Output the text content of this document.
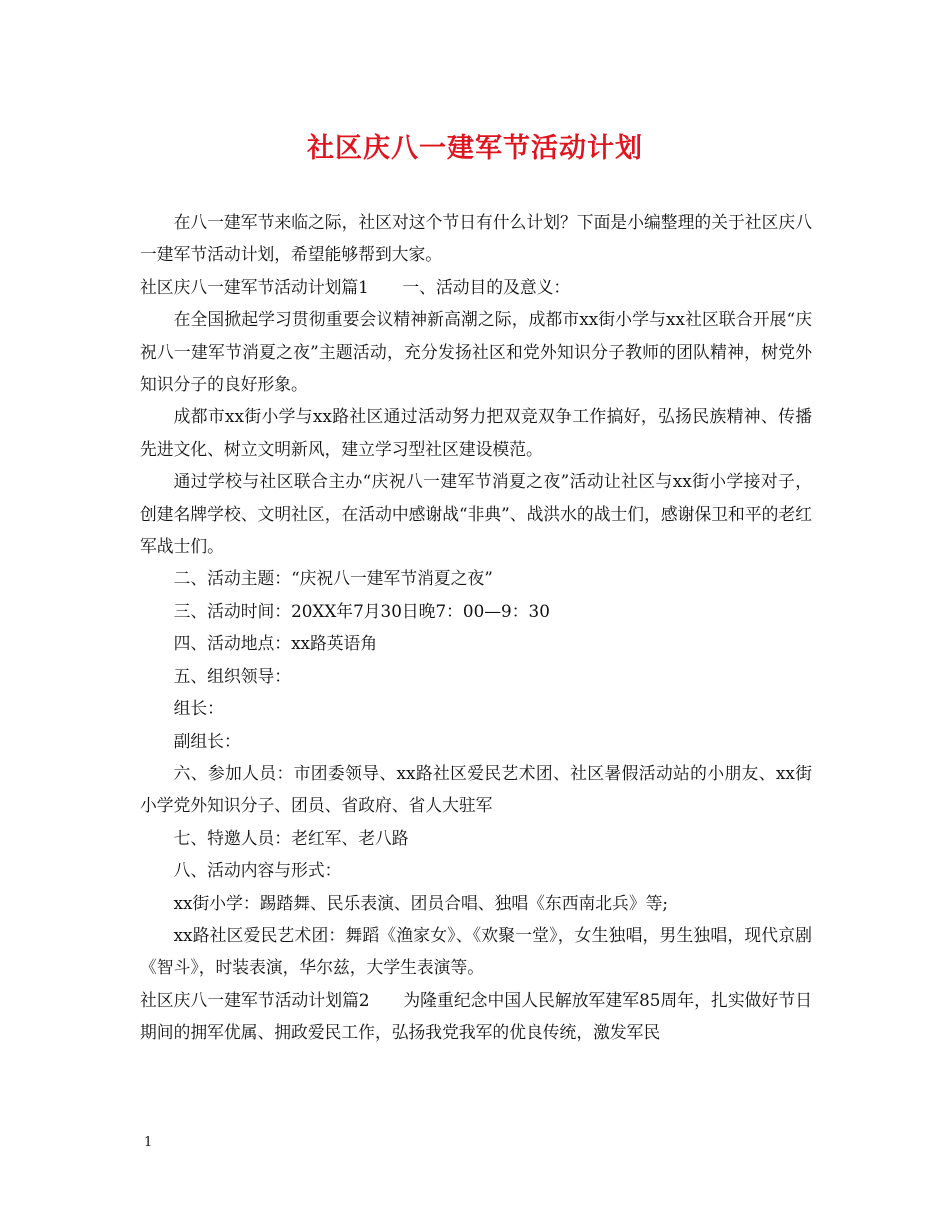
社区庆八一建军节活动计划

在八一建军节来临之际，社区对这个节日有什么计划？下面是小编整理的关于社区庆八一建军节活动计划，希望能够帮到大家。

社区庆八一建军节活动计划篇1　　一、活动目的及意义：

在全国掀起学习贯彻重要会议精神新高潮之际，成都市xx街小学与xx社区联合开展“庆祝八一建军节消夏之夜”主题活动，充分发扬社区和党外知识分子教师的团队精神，树党外知识分子的良好形象。

成都市xx街小学与xx路社区通过活动努力把双竞双争工作搞好，弘扬民族精神、传播先进文化、树立文明新风，建立学习型社区建设模范。

通过学校与社区联合主办“庆祝八一建军节消夏之夜”活动让社区与xx街小学接对子，创建名牌学校、文明社区，在活动中感谢战“非典”、战洪水的战士们，感谢保卫和平的老红军战士们。

二、活动主题：“庆祝八一建军节消夏之夜”

三、活动时间：20XX年7月30日晚7：00—9：30

四、活动地点：xx路英语角

五、组织领导：

组长：

副组长：

六、参加人员：市团委领导、xx路社区爱民艺术团、社区暑假活动站的小朋友、xx街小学党外知识分子、团员、省政府、省人大驻军

七、特邀人员：老红军、老八路

八、活动内容与形式：

xx街小学：踢踏舞、民乐表演、团员合唱、独唱《东西南北兵》等;

xx路社区爱民艺术团：舞蹈《渔家女》、《欢聚一堂》，女生独唱，男生独唱，现代京剧《智斗》，时装表演，华尔兹，大学生表演等。

社区庆八一建军节活动计划篇2　　为隆重纪念中国人民解放军建军85周年，扎实做好节日期间的拥军优属、拥政爱民工作，弘扬我党我军的优良传统，激发军民

1
